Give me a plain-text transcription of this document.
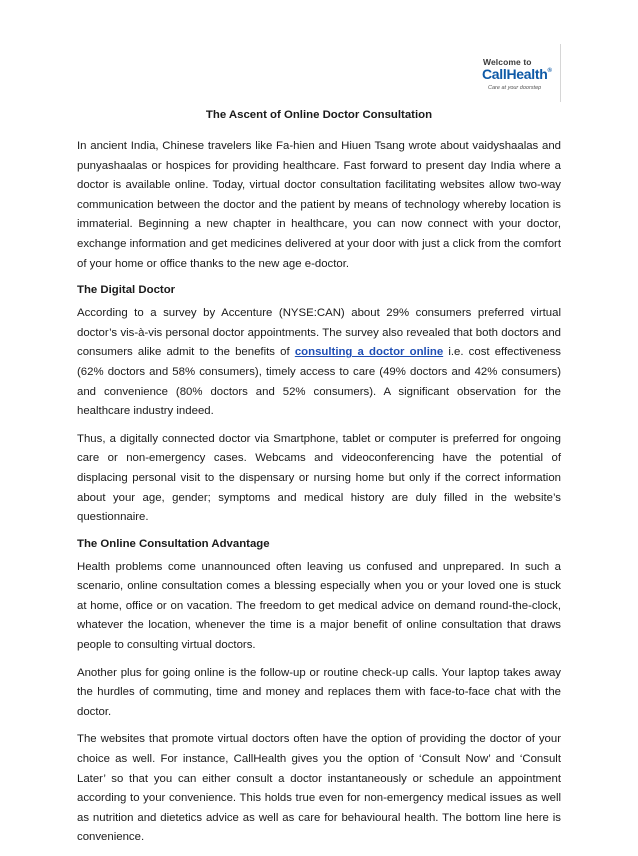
Welcome to
CallHealth®
Care at your doorstep
The Ascent of Online Doctor Consultation

In ancient India, Chinese travelers like Fa-hien and Hiuen Tsang wrote about vaidyshaalas and punyashaalas or hospices for providing healthcare. Fast forward to present day India where a doctor is available online. Today, virtual doctor consultation facilitating websites allow two-way communication between the doctor and the patient by means of technology whereby location is immaterial. Beginning a new chapter in healthcare, you can now connect with your doctor, exchange information and get medicines delivered at your door with just a click from the comfort of your home or office thanks to the new age e-doctor.

The Digital Doctor

According to a survey by Accenture (NYSE:CAN) about 29% consumers preferred virtual doctor’s vis-à-vis personal doctor appointments. The survey also revealed that both doctors and consumers alike admit to the benefits of consulting a doctor online i.e. cost effectiveness (62% doctors and 58% consumers), timely access to care (49% doctors and 42% consumers) and convenience (80% doctors and 52% consumers). A significant observation for the healthcare industry indeed.

Thus, a digitally connected doctor via Smartphone, tablet or computer is preferred for ongoing care or non-emergency cases. Webcams and videoconferencing have the potential of displacing personal visit to the dispensary or nursing home but only if the correct information about your age, gender; symptoms and medical history are duly filled in the website’s questionnaire.

The Online Consultation Advantage

Health problems come unannounced often leaving us confused and unprepared. In such a scenario, online consultation comes a blessing especially when you or your loved one is stuck at home, office or on vacation. The freedom to get medical advice on demand round-the-clock, whatever the location, whenever the time is a major benefit of online consultation that draws people to consulting virtual doctors.

Another plus for going online is the follow-up or routine check-up calls. Your laptop takes away the hurdles of commuting, time and money and replaces them with face-to-face chat with the doctor.

The websites that promote virtual doctors often have the option of providing the doctor of your choice as well. For instance, CallHealth gives you the option of ‘Consult Now’ and ‘Consult Later’ so that you can either consult a doctor instantaneously or schedule an appointment according to your convenience. This holds true even for non-emergency medical issues as well as nutrition and dietetics advice as well as care for behavioural health. The bottom line here is convenience.
